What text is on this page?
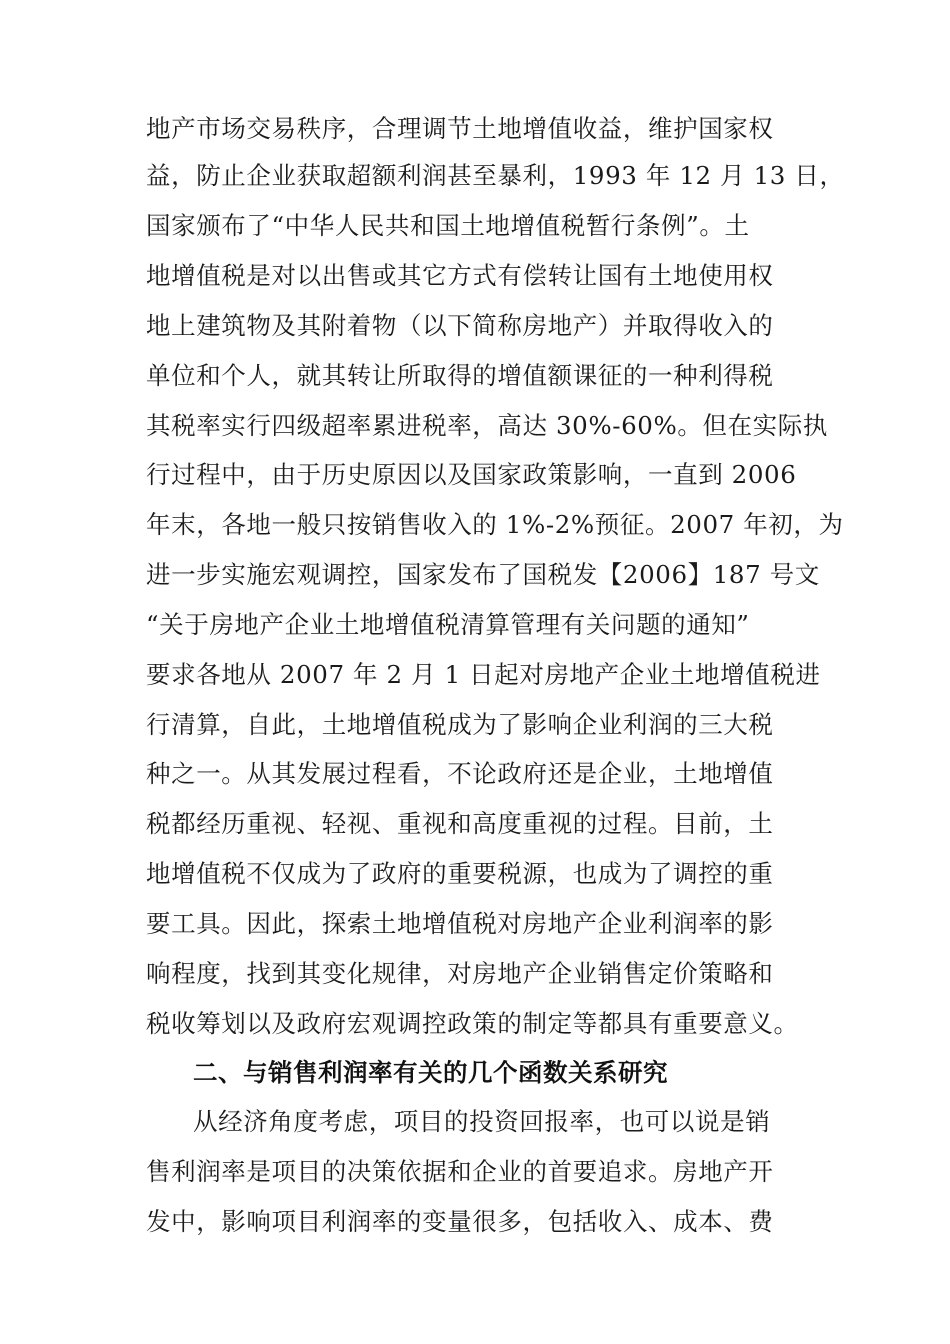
地产市场交易秩序，合理调节土地增值收益，维护国家权
益，防止企业获取超额利润甚至暴利，1993 年 12 月 13 日，
国家颁布了“中华人民共和国土地增值税暂行条例”。土
地增值税是对以出售或其它方式有偿转让国有土地使用权
地上建筑物及其附着物（以下简称房地产）并取得收入的
单位和个人，就其转让所取得的增值额课征的一种利得税
其税率实行四级超率累进税率，高达 30%-60%。但在实际执
行过程中，由于历史原因以及国家政策影响，一直到 2006
年末，各地一般只按销售收入的 1%-2%预征。2007 年初，为
进一步实施宏观调控，国家发布了国税发【2006】187 号文
“关于房地产企业土地增值税清算管理有关问题的通知”
要求各地从 2007 年 2 月 1 日起对房地产企业土地增值税进
行清算，自此，土地增值税成为了影响企业利润的三大税
种之一。从其发展过程看，不论政府还是企业，土地增值
税都经历重视、轻视、重视和高度重视的过程。目前，土
地增值税不仅成为了政府的重要税源，也成为了调控的重
要工具。因此，探索土地增值税对房地产企业利润率的影
响程度，找到其变化规律，对房地产企业销售定价策略和
税收筹划以及政府宏观调控政策的制定等都具有重要意义。
二、与销售利润率有关的几个函数关系研究
从经济角度考虑，项目的投资回报率，也可以说是销
售利润率是项目的决策依据和企业的首要追求。房地产开
发中，影响项目利润率的变量很多，包括收入、成本、费
